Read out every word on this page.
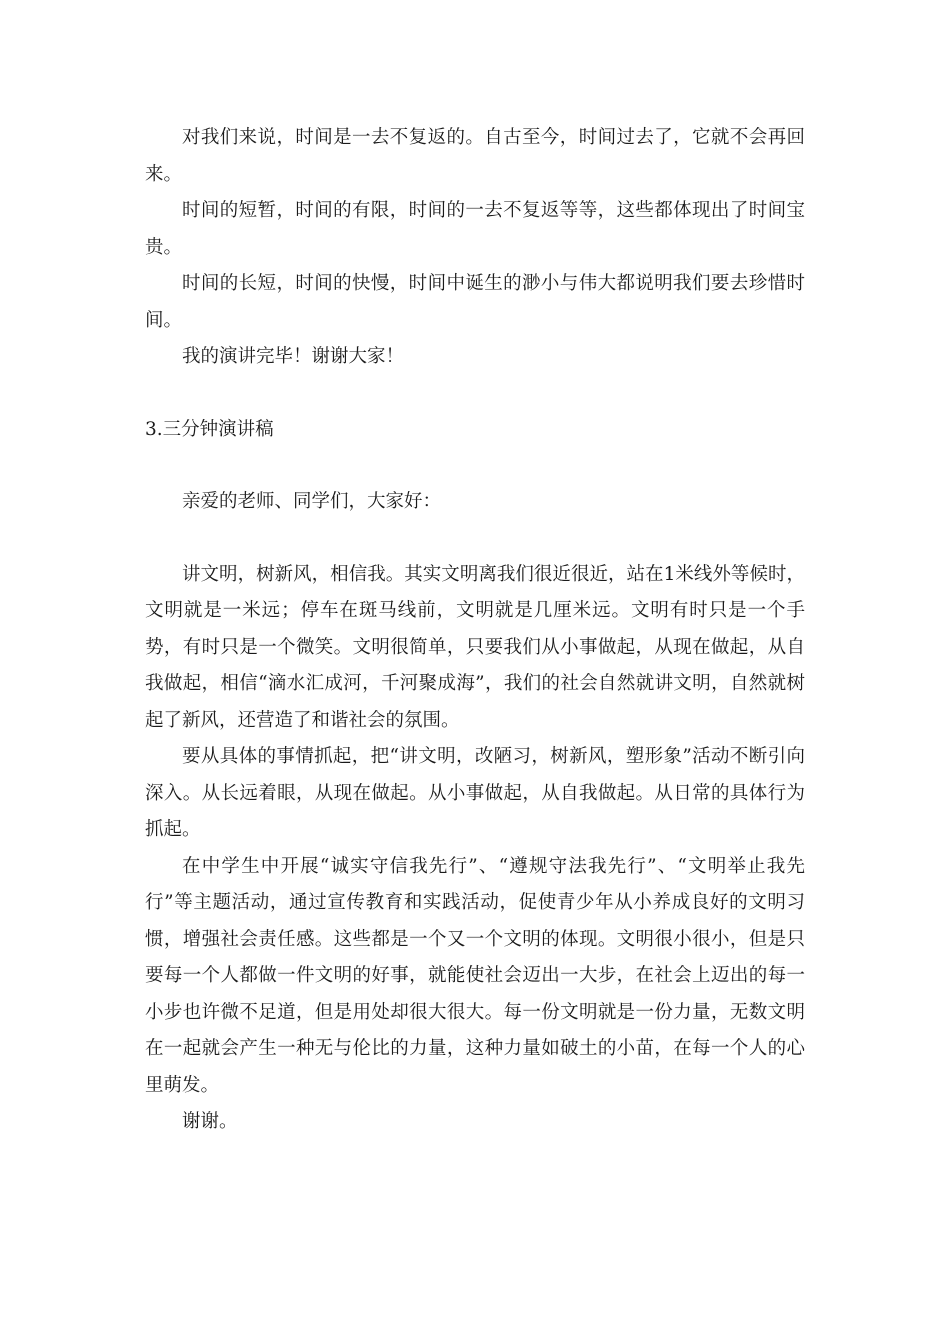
对我们来说，时间是一去不复返的。自古至今，时间过去了，它就不会再回来。

时间的短暂，时间的有限，时间的一去不复返等等，这些都体现出了时间宝贵。

时间的长短，时间的快慢，时间中诞生的渺小与伟大都说明我们要去珍惜时间。

我的演讲完毕！谢谢大家！

3.三分钟演讲稿

亲爱的老师、同学们，大家好：

讲文明，树新风，相信我。其实文明离我们很近很近，站在1米线外等候时，文明就是一米远；停车在斑马线前，文明就是几厘米远。文明有时只是一个手势，有时只是一个微笑。文明很简单，只要我们从小事做起，从现在做起，从自我做起，相信“滴水汇成河，千河聚成海”，我们的社会自然就讲文明，自然就树起了新风，还营造了和谐社会的氛围。

要从具体的事情抓起，把“讲文明，改陋习，树新风，塑形象”活动不断引向深入。从长远着眼，从现在做起。从小事做起，从自我做起。从日常的具体行为抓起。

在中学生中开展“诚实守信我先行”、“遵规守法我先行”、“文明举止我先行”等主题活动，通过宣传教育和实践活动，促使青少年从小养成良好的文明习惯，增强社会责任感。这些都是一个又一个文明的体现。文明很小很小，但是只要每一个人都做一件文明的好事，就能使社会迈出一大步，在社会上迈出的每一小步也许微不足道，但是用处却很大很大。每一份文明就是一份力量，无数文明在一起就会产生一种无与伦比的力量，这种力量如破土的小苗，在每一个人的心里萌发。

谢谢。
